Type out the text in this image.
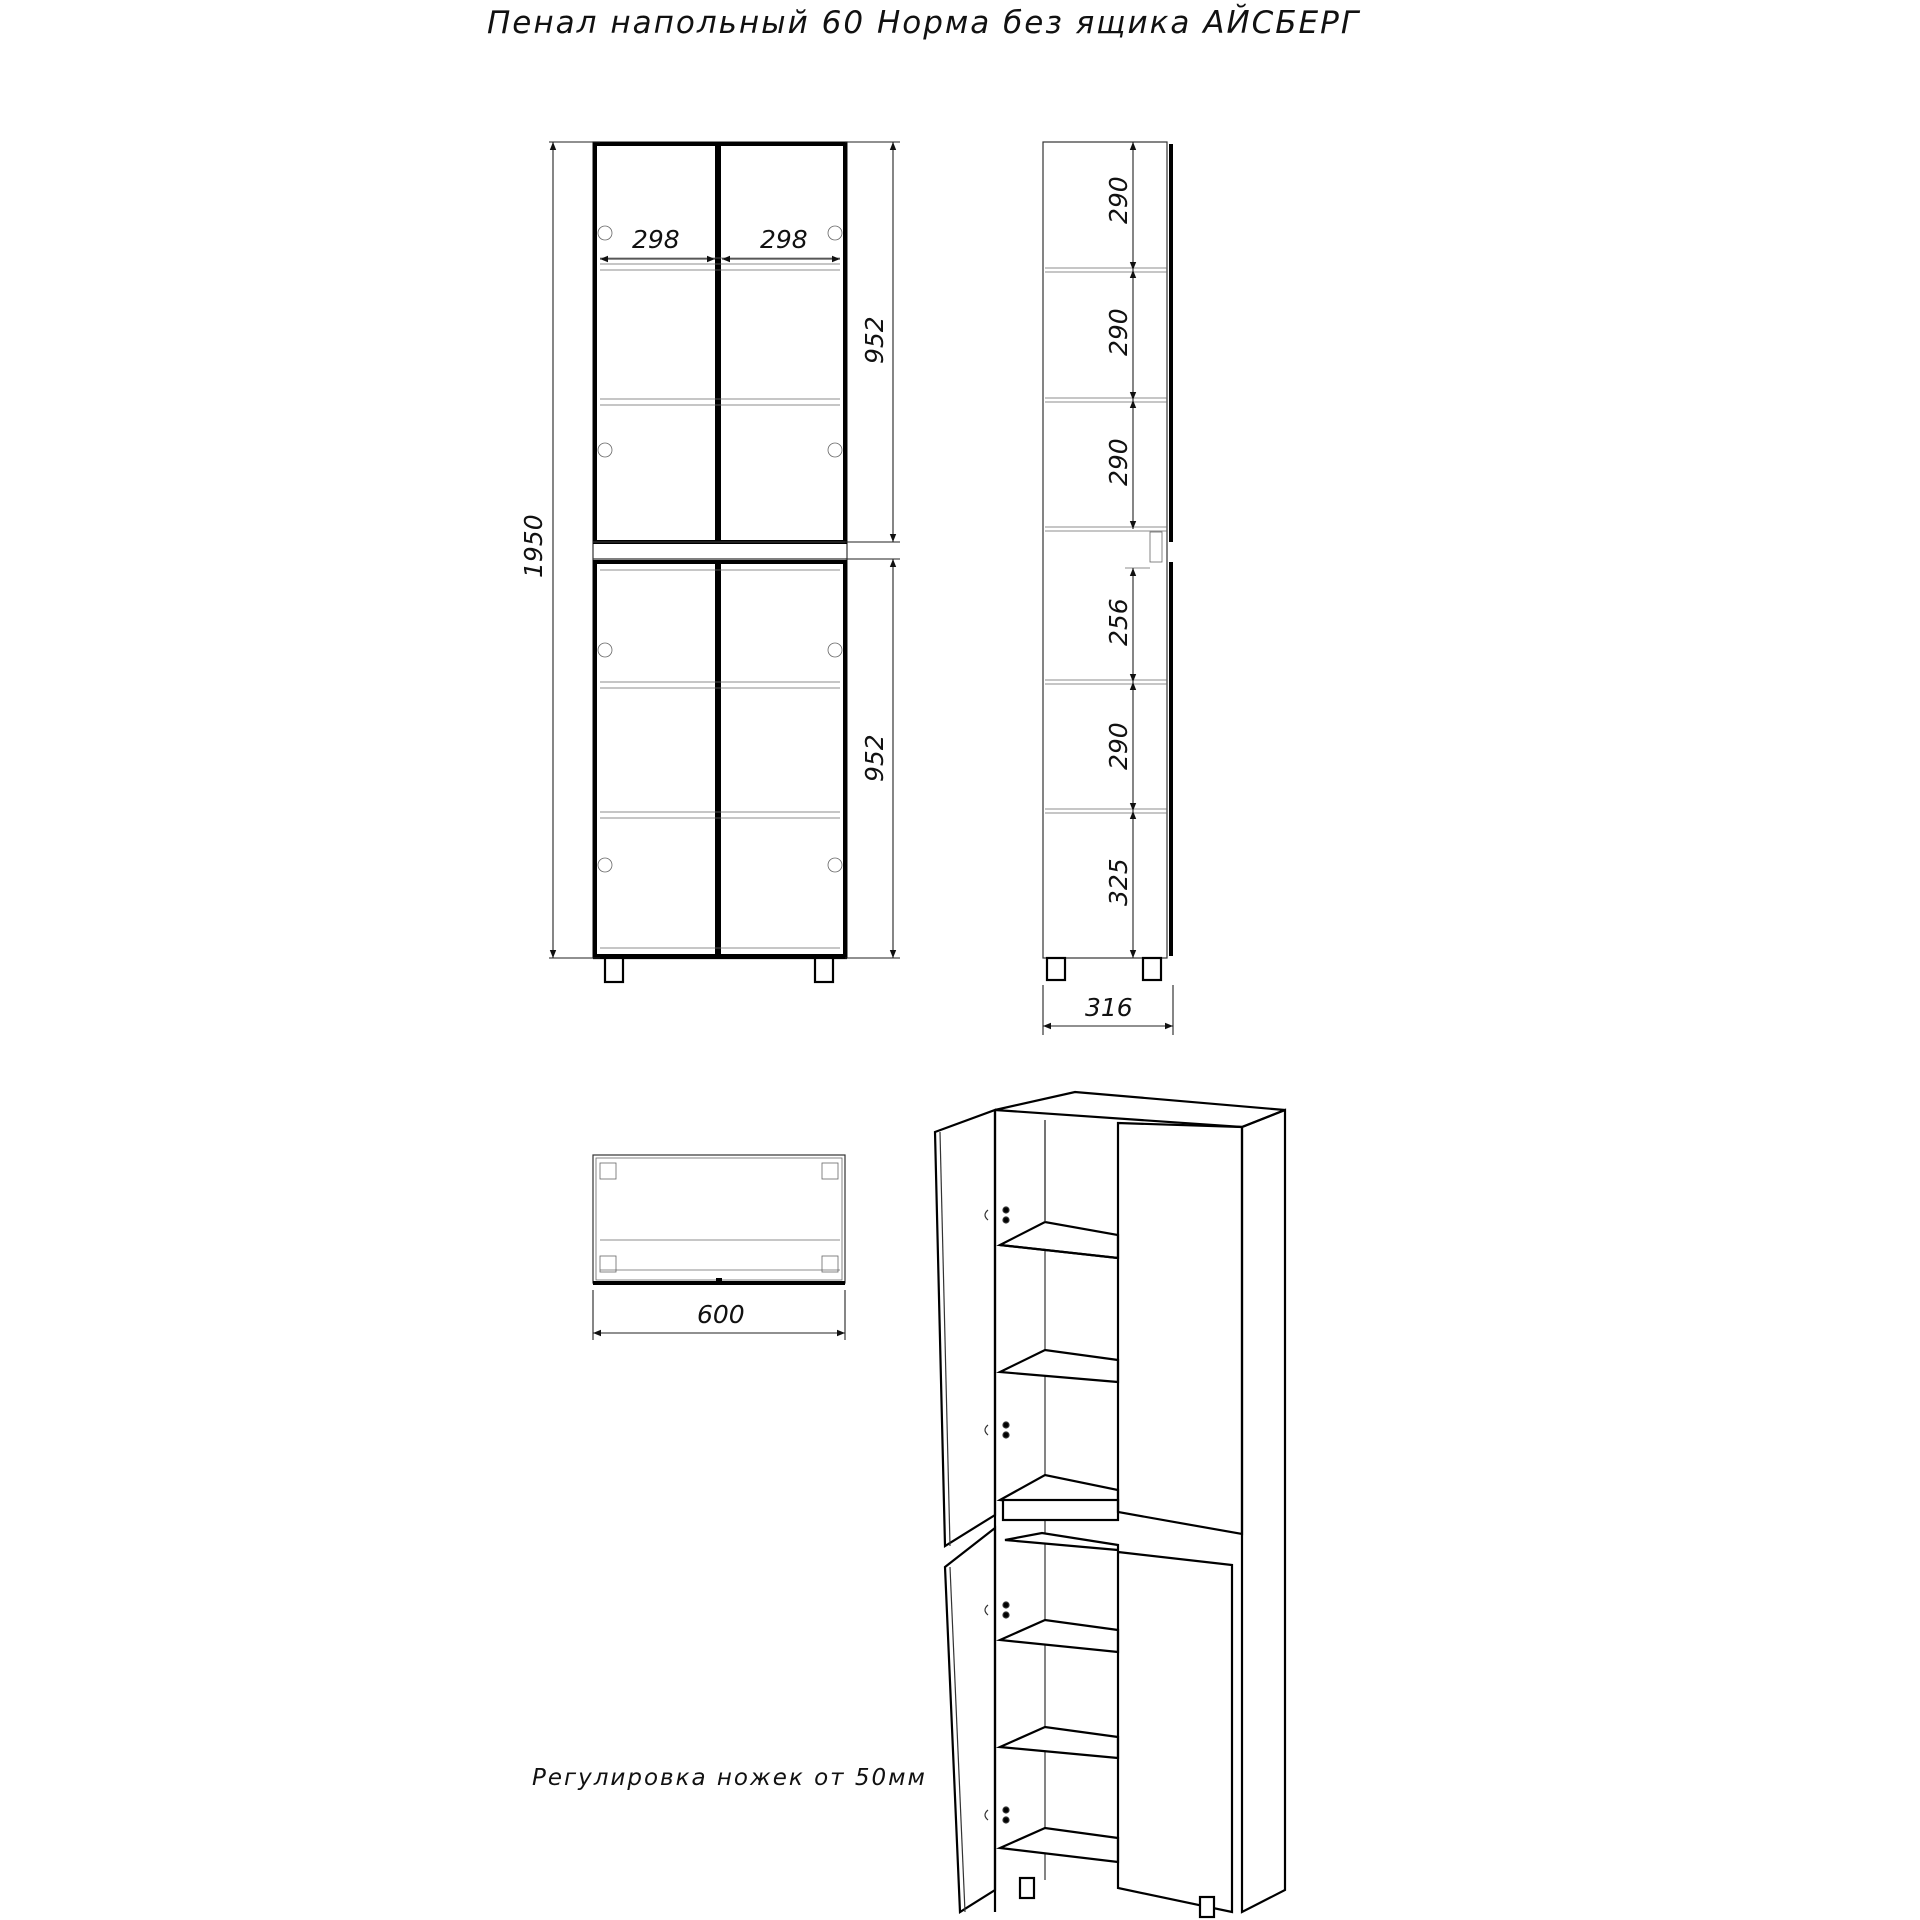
Пенал напольный 60 Норма без ящика АЙСБЕРГ
298	298
1950
952
952
290
290
290
256
290
325
316
600
Регулировка ножек от 50мм
